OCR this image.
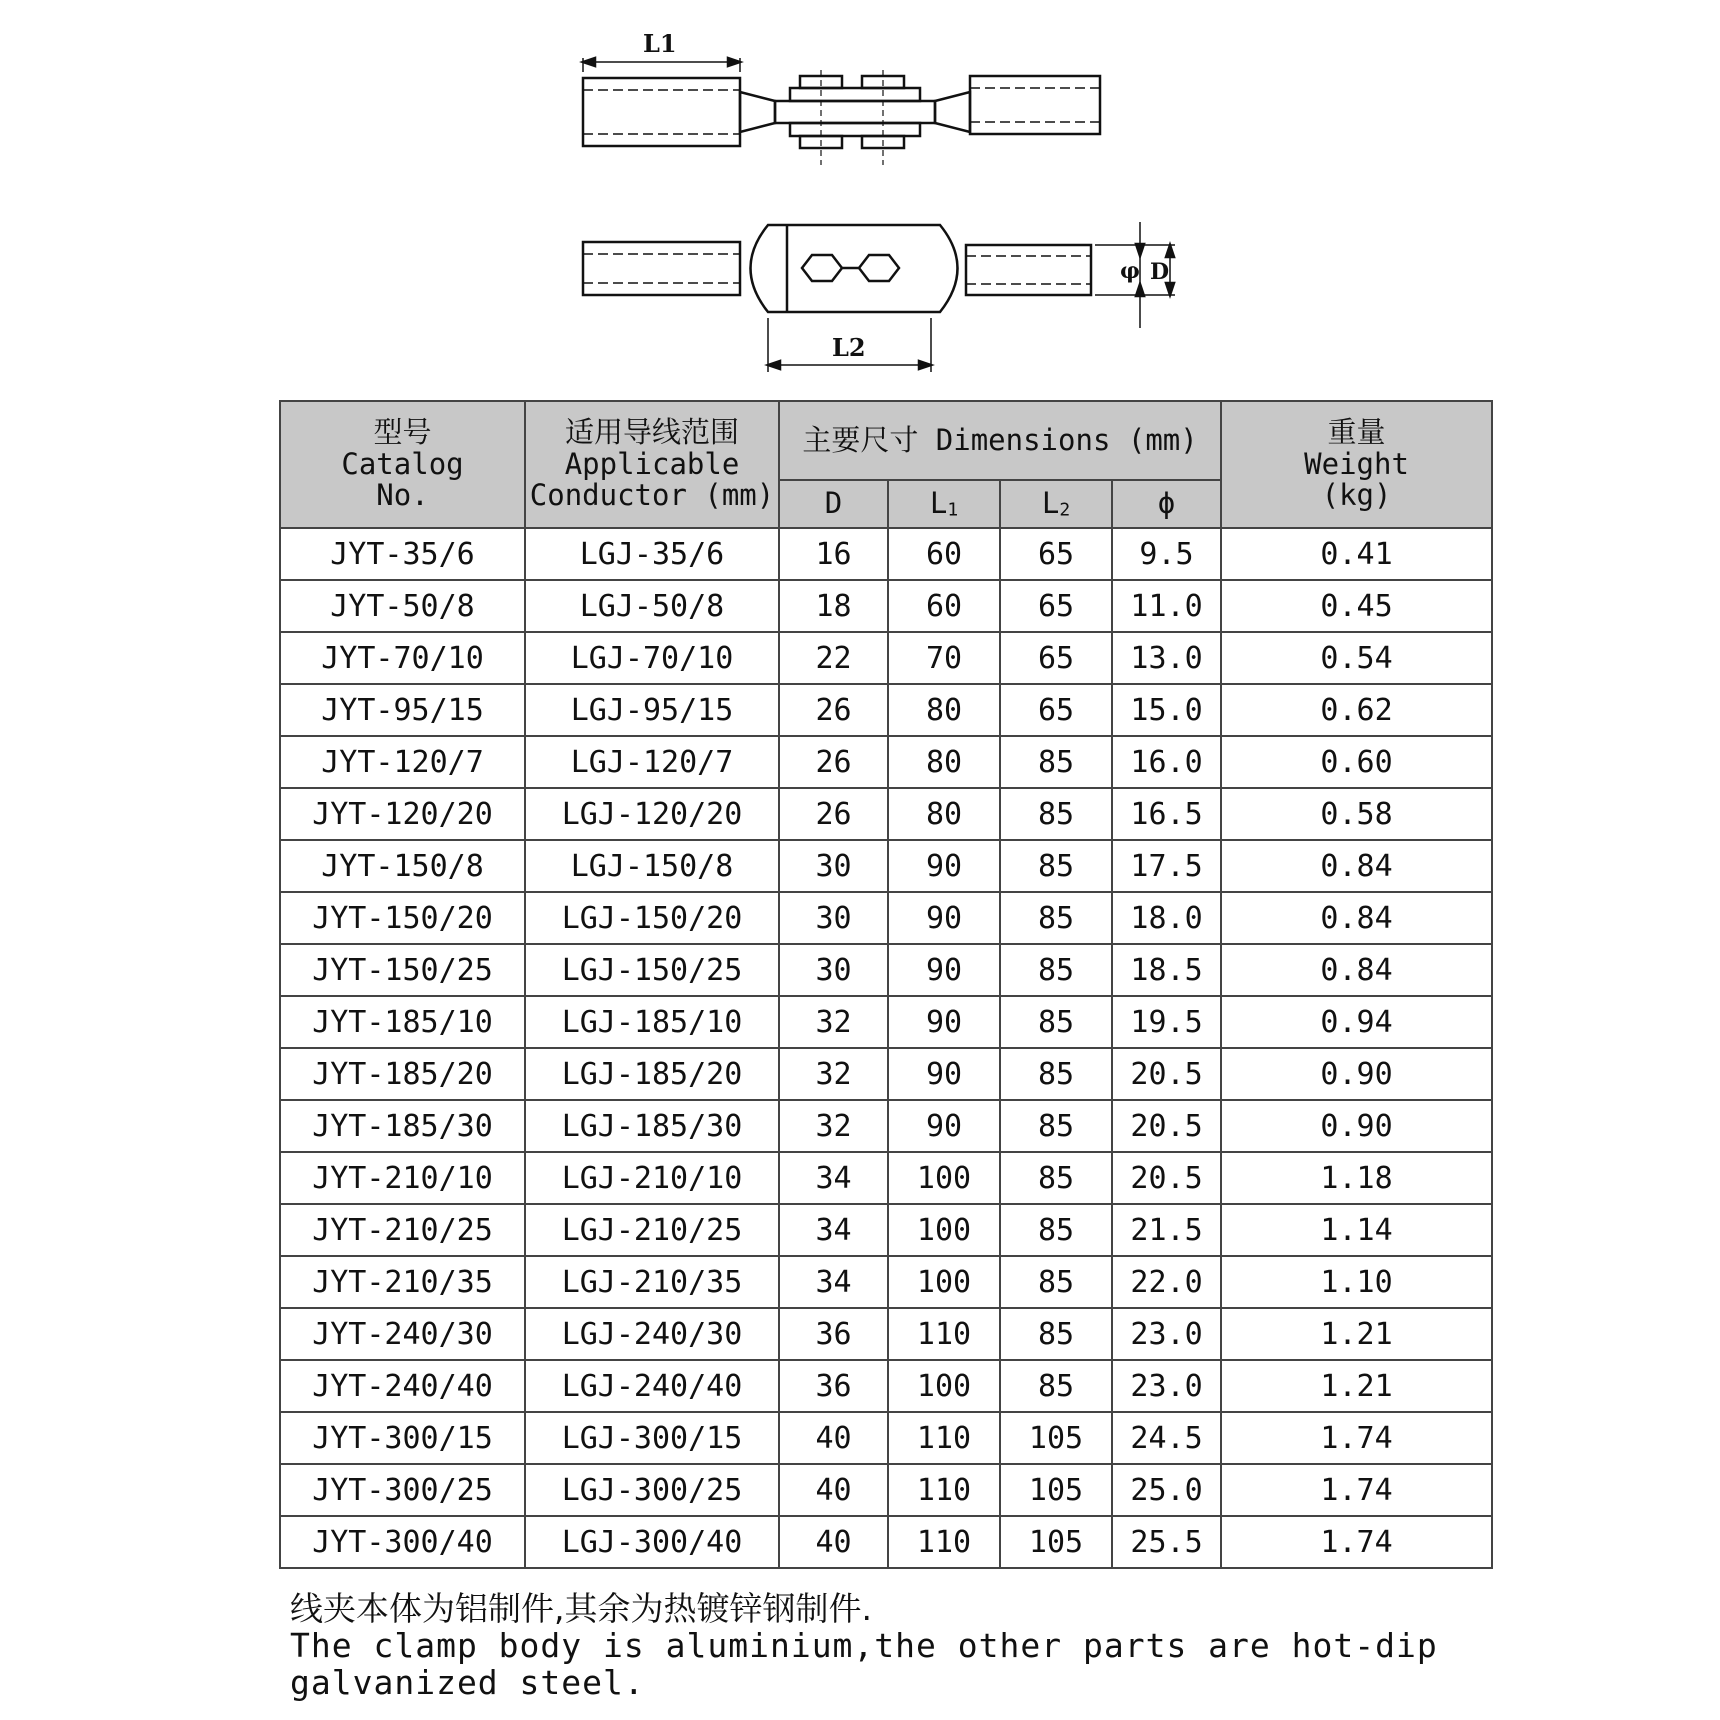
L1
φ D
L2
型号
Catalog
No.	适用导线范围
Applicable
Conductor (mm)	主要尺寸 Dimensions (mm)				重量
Weight
(kg)

		D	L1	L2	ϕ	
JYT-35/6	LGJ-35/6	16	60	65	9.5	0.41
JYT-50/8	LGJ-50/8	18	60	65	11.0	0.45
JYT-70/10	LGJ-70/10	22	70	65	13.0	0.54
JYT-95/15	LGJ-95/15	26	80	65	15.0	0.62
JYT-120/7	LGJ-120/7	26	80	85	16.0	0.60
JYT-120/20	LGJ-120/20	26	80	85	16.5	0.58
JYT-150/8	LGJ-150/8	30	90	85	17.5	0.84
JYT-150/20	LGJ-150/20	30	90	85	18.0	0.84
JYT-150/25	LGJ-150/25	30	90	85	18.5	0.84
JYT-185/10	LGJ-185/10	32	90	85	19.5	0.94
JYT-185/20	LGJ-185/20	32	90	85	20.5	0.90
JYT-185/30	LGJ-185/30	32	90	85	20.5	0.90
JYT-210/10	LGJ-210/10	34	100	85	20.5	1.18
JYT-210/25	LGJ-210/25	34	100	85	21.5	1.14
JYT-210/35	LGJ-210/35	34	100	85	22.0	1.10
JYT-240/30	LGJ-240/30	36	110	85	23.0	1.21
JYT-240/40	LGJ-240/40	36	100	85	23.0	1.21
JYT-300/15	LGJ-300/15	40	110	105	24.5	1.74
JYT-300/25	LGJ-300/25	40	110	105	25.0	1.74
JYT-300/40	LGJ-300/40	40	110	105	25.5	1.74
线夹本体为铝制件,其余为热镀锌钢制件.
The clamp body is aluminium,the other parts are hot-dip
galvanized steel.
